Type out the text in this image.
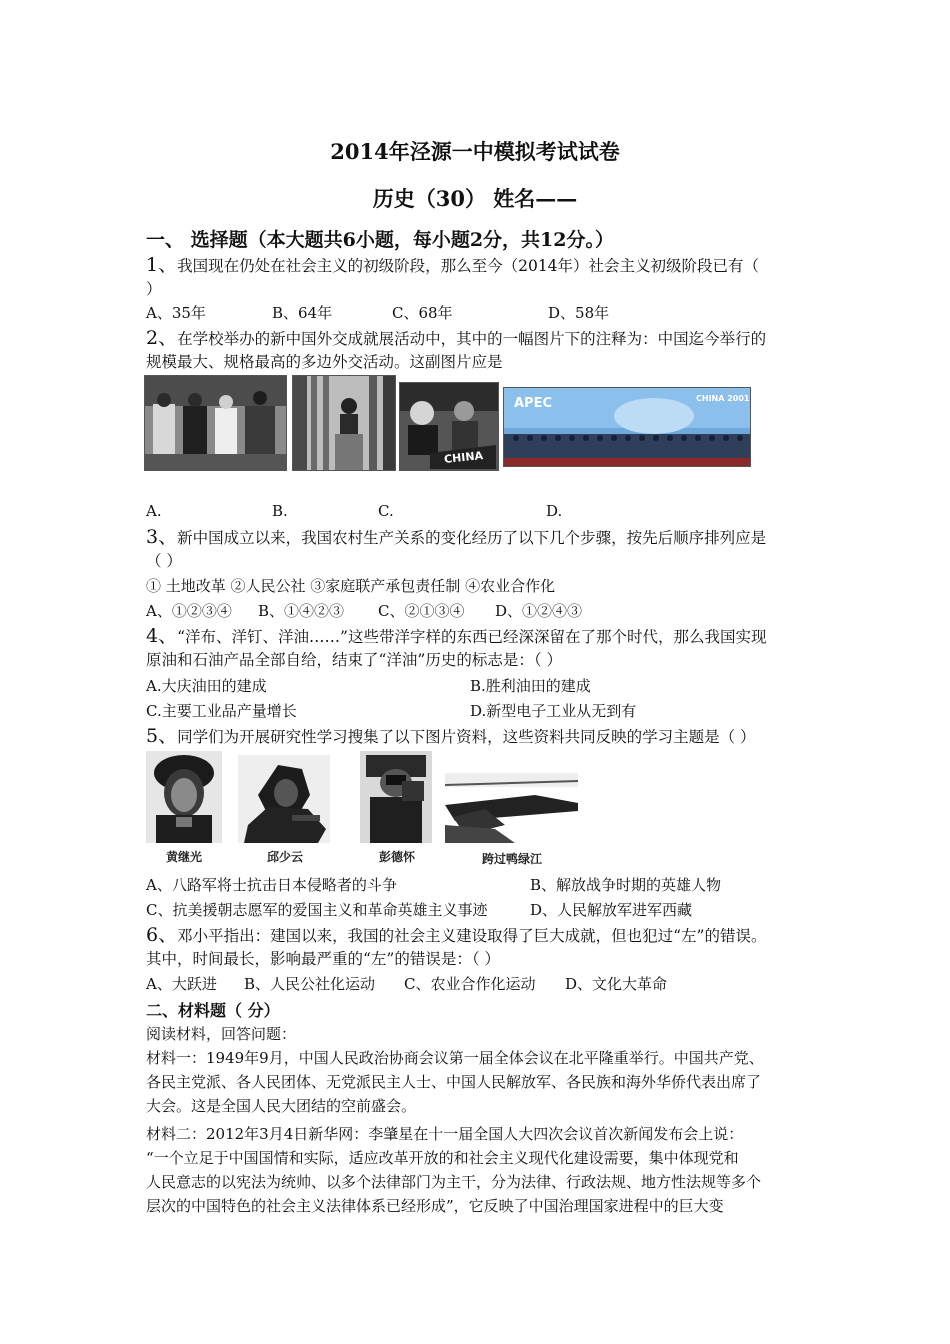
2014年泾源一中模拟考试试卷
历史（30） 姓名——
一、 选择题（本大题共6小题，每小题2分，共12分。）
1、我国现在仍处在社会主义的初级阶段，那么至今（2014年）社会主义初级阶段已有（
）
A、35年	B、64年	C、68年	D、58年
2、在学校举办的新中国外交成就展活动中，其中的一幅图片下的注释为：中国迄今举行的
规模最大、规格最高的多边外交活动。这副图片应是
CHINA
APEC	CHINA 2001
A.	B.	C.	D.
3、新中国成立以来，我国农村生产关系的变化经历了以下几个步骤，按先后顺序排列应是
（ ）
① 土地改革 ②人民公社 ③家庭联产承包责任制 ④农业合作化
A、①②③④ B、①④②③ C、②①③④ D、①②④③
4、“洋布、洋钉、洋油……”这些带洋字样的东西已经深深留在了那个时代，那么我国实现
原油和石油产品全部自给，结束了“洋油”历史的标志是：（ ）
A.大庆油田的建成	B.胜利油田的建成
C.主要工业品产量增长	D.新型电子工业从无到有
5、同学们为开展研究性学习搜集了以下图片资料，这些资料共同反映的学习主题是（ ）
黄继光	邱少云	彭德怀	跨过鸭绿江
A、八路军将士抗击日本侵略者的斗争	B、解放战争时期的英雄人物
C、抗美援朝志愿军的爱国主义和革命英雄主义事迹	D、人民解放军进军西藏
6、邓小平指出：建国以来，我国的社会主义建设取得了巨大成就，但也犯过“左”的错误。
其中，时间最长，影响最严重的“左”的错误是：（ ）
A、大跃进 B、人民公社化运动 C、农业合作化运动 D、文化大革命
二、材料题（ 分）
阅读材料，回答问题：
材料一：1949年9月，中国人民政治协商会议第一届全体会议在北平隆重举行。中国共产党、
各民主党派、各人民团体、无党派民主人士、中国人民解放军、各民族和海外华侨代表出席了
大会。这是全国人民大团结的空前盛会。
材料二：2012年3月4日新华网：李肇星在十一届全国人大四次会议首次新闻发布会上说：
“一个立足于中国国情和实际，适应改革开放的和社会主义现代化建设需要，集中体现党和
人民意志的以宪法为统帅、以多个法律部门为主干，分为法律、行政法规、地方性法规等多个
层次的中国特色的社会主义法律体系已经形成”，它反映了中国治理国家进程中的巨大变
